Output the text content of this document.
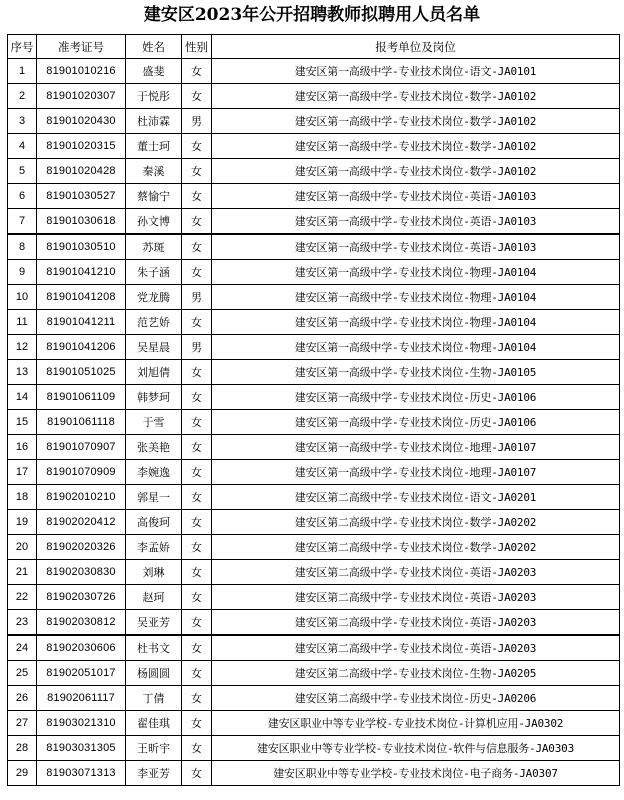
建安区2023年公开招聘教师拟聘用人员名单
序号	准考证号	姓名	性别	报考单位及岗位
1	81901010216	盛斐	女	建安区第一高级中学-专业技术岗位-语文-JA0101
2	81901020307	于悦彤	女	建安区第一高级中学-专业技术岗位-数学-JA0102
3	81901020430	杜沛霖	男	建安区第一高级中学-专业技术岗位-数学-JA0102
4	81901020315	董士珂	女	建安区第一高级中学-专业技术岗位-数学-JA0102
5	81901020428	秦溪	女	建安区第一高级中学-专业技术岗位-数学-JA0102
6	81901030527	蔡愉宁	女	建安区第一高级中学-专业技术岗位-英语-JA0103
7	81901030618	孙文博	女	建安区第一高级中学-专业技术岗位-英语-JA0103
8	81901030510	苏斑	女	建安区第一高级中学-专业技术岗位-英语-JA0103
9	81901041210	朱子涵	女	建安区第一高级中学-专业技术岗位-物理-JA0104
10	81901041208	党龙腾	男	建安区第一高级中学-专业技术岗位-物理-JA0104
11	81901041211	范艺娇	女	建安区第一高级中学-专业技术岗位-物理-JA0104
12	81901041206	吴星晨	男	建安区第一高级中学-专业技术岗位-物理-JA0104
13	81901051025	刘旭倩	女	建安区第一高级中学-专业技术岗位-生物-JA0105
14	81901061109	韩梦珂	女	建安区第一高级中学-专业技术岗位-历史-JA0106
15	81901061118	于雪	女	建安区第一高级中学-专业技术岗位-历史-JA0106
16	81901070907	张美艳	女	建安区第一高级中学-专业技术岗位-地理-JA0107
17	81901070909	李婉逸	女	建安区第一高级中学-专业技术岗位-地理-JA0107
18	81902010210	郭星一	女	建安区第二高级中学-专业技术岗位-语文-JA0201
19	81902020412	高俊珂	女	建安区第二高级中学-专业技术岗位-数学-JA0202
20	81902020326	李孟娇	女	建安区第二高级中学-专业技术岗位-数学-JA0202
21	81902030830	刘琳	女	建安区第二高级中学-专业技术岗位-英语-JA0203
22	81902030726	赵珂	女	建安区第二高级中学-专业技术岗位-英语-JA0203
23	81902030812	吴亚芳	女	建安区第二高级中学-专业技术岗位-英语-JA0203
24	81902030606	杜书文	女	建安区第二高级中学-专业技术岗位-英语-JA0203
25	81902051017	杨圆圆	女	建安区第二高级中学-专业技术岗位-生物-JA0205
26	81902061117	丁倩	女	建安区第二高级中学-专业技术岗位-历史-JA0206
27	81903021310	翟佳琪	女	建安区职业中等专业学校-专业技术岗位-计算机应用-JA0302
28	81903031305	王昕宇	女	建安区职业中等专业学校-专业技术岗位-软件与信息服务-JA0303
29	81903071313	李亚芳	女	建安区职业中等专业学校-专业技术岗位-电子商务-JA0307
